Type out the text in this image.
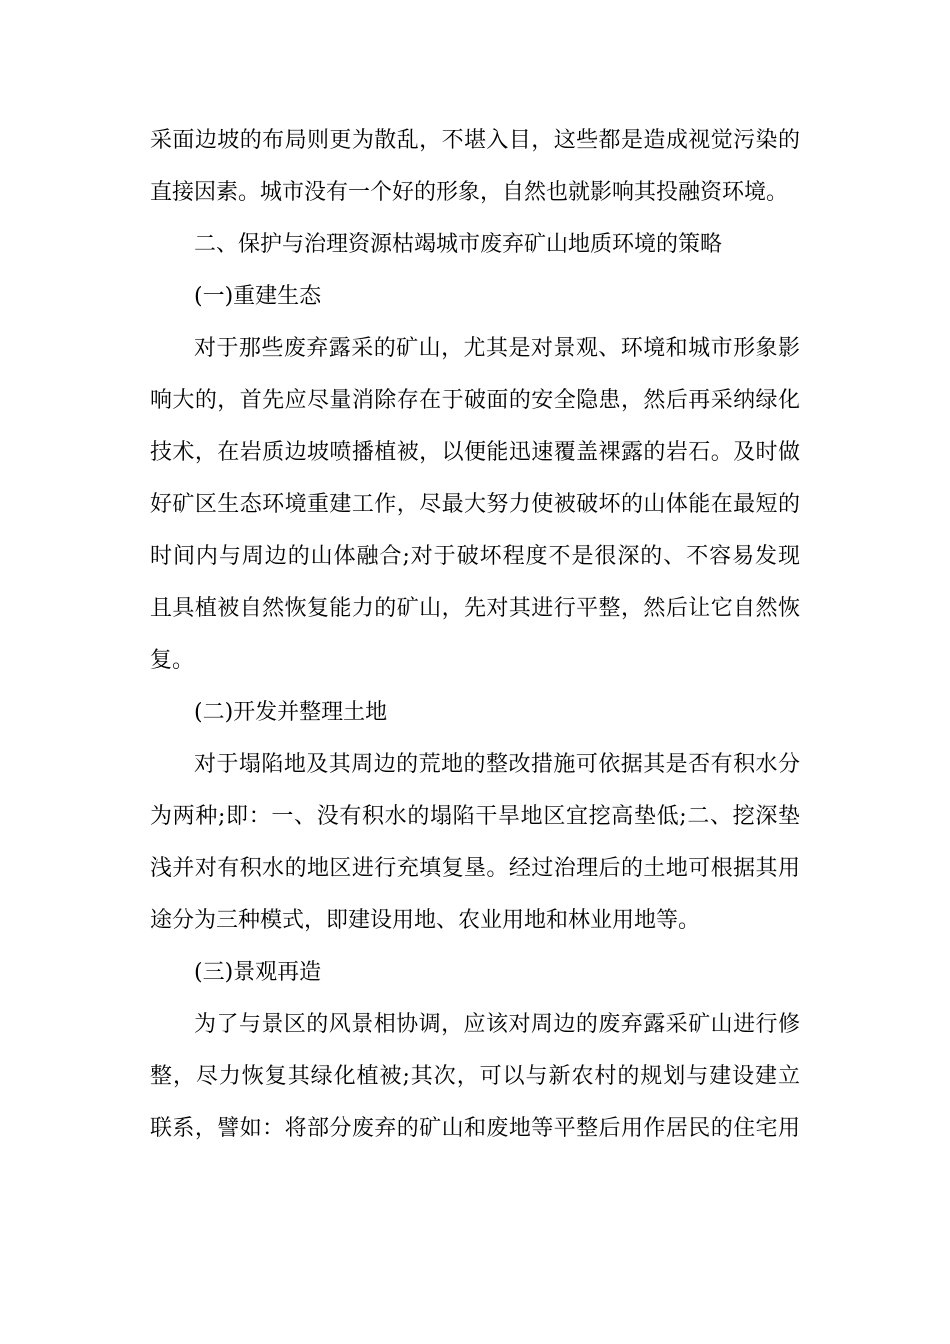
采面边坡的布局则更为散乱，不堪入目，这些都是造成视觉污染的
直接因素。城市没有一个好的形象，自然也就影响其投融资环境。
二、保护与治理资源枯竭城市废弃矿山地质环境的策略
(一)重建生态
对于那些废弃露采的矿山，尤其是对景观、环境和城市形象影
响大的，首先应尽量消除存在于破面的安全隐患，然后再采纳绿化
技术，在岩质边坡喷播植被，以便能迅速覆盖裸露的岩石。及时做
好矿区生态环境重建工作，尽最大努力使被破坏的山体能在最短的
时间内与周边的山体融合;对于破坏程度不是很深的、不容易发现
且具植被自然恢复能力的矿山，先对其进行平整，然后让它自然恢
复。
(二)开发并整理土地
对于塌陷地及其周边的荒地的整改措施可依据其是否有积水分
为两种;即：一、没有积水的塌陷干旱地区宜挖高垫低;二、挖深垫
浅并对有积水的地区进行充填复垦。经过治理后的土地可根据其用
途分为三种模式，即建设用地、农业用地和林业用地等。
(三)景观再造
为了与景区的风景相协调，应该对周边的废弃露采矿山进行修
整，尽力恢复其绿化植被;其次，可以与新农村的规划与建设建立
联系，譬如：将部分废弃的矿山和废地等平整后用作居民的住宅用
